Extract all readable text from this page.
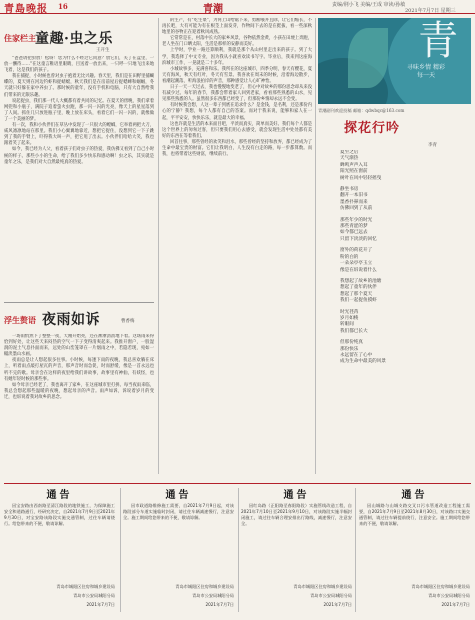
青島晚报 16	青潮	责编/荆小飞 美编/王成 审读/孙敏
2021年7月7日 星期三
住家栏主 童趣·虫之乐
王开生

“爸爸请把虫放！松呀！您为什么不经过它同意？放它们，关了在盒里，一放一酬待……”在这童言稚语里眼睛，目送着一放出来，一只呼一只地飞出来地飞着，这是我们的孩子。

我在捕捉，小时候也曾对虫子抱着无比兴趣。春天里，我们是在田野里捕蝴蝶的，夏天则在河边钓虾和捉蜻蜓，秋天我们是在房前屋后捉蟋蟀和蝈蝈，冬天就只好躲在家中养虫了。那时候的童年，没有手机和电脑，只有大自然给我们带来的无限乐趣。

说起捉虫，我们那一代人大概都有着共同的记忆。在夏天的傍晚，我们拿着网兜和小瓶子，满院子追着萤火虫跑，那一闪一闪的光亮，像天上的星星落到了人间。抓住几只放进瓶子里，晚上放在床头，看着它们一闪一闪的，就像做了一个美丽的梦。

有一次，我和小伙伴们在草丛中发现了一只很大的螳螂，它举着两把大刀，威风凛凛地站在那里。我们小心翼翼地靠近，想把它捉住，没想到它一下子跳到了我的手臂上，吓得我大叫一声，把它甩了出去。小伙伴们哈哈大笑，我也跟着笑了起来。

如今，我已经为人父，看着孩子们对虫子的热爱，我仿佛又看到了自己小时候的样子。那些小小的生命，给了我们多少快乐和感动啊！虫之乐，其实就是童年之乐，是我们对大自然最纯真的热爱。

浮生赘语 夜雨如诉	曹香梅

一场雨悄然下了整整一夜，天刚开始亮，还在淅淅沥沥地下着。这场雨来得恰到好处，让这些天来闷热的空气一下子变得清爽起来。我推开窗户，一股湿润的泥土气息扑面而来，远处的山峦笼罩在一片烟雨之中，若隐若现，宛如一幅淡墨山水画。

夜雨总是让人想起很多往事。小时候，每逢下雨的夜晚，我总喜欢躺在床上，听着雨点敲打屋瓦的声音，那声音时而急促，时而舒缓，像是一首永远也听不完的歌。母亲会在这样的夜里给我们讲故事，故事里有神仙，有妖怪，也有她年轻时候的那些事。

如今母亲已经老了，我也离开了家乡，在这座城市里打拼。每当夜雨来临，我总会想起那些温暖的夜晚，想起母亲的声音。雨声如诉，诉说着岁月的变迁，也诉说着我对故乡的思念。

的生产，有“吃生菜”，为何上山给锯下来，剪断哦并且除，让它们缩长，不再长吧，大有可能为有在根茎上面发芽，作物间下去的是在挺拔，看一些深秋地里的谷物正在迎着秋风成熟。

它常常是在，村落中长大的家乡风景，谷物依然金黄，小孩在田埂上奔跑，老人坐在门口晒太阳，生活是那样的安静而美好。

上学时，学业一路还算顺利，我就是那个从山村里走出来的孩子。到了大学，我选择了中文专业，因为我从小就喜欢读书写字。毕业后，我来到这座海滨城市工作，一晃就是二十多年。

小城故事多，充满喜和乐。我所在的这座城市，四季分明，春天有樱花，夏天有海风，秋天有红叶，冬天有雪景。我喜欢在周末的时候，沿着海边散步，看潮起潮落，听海浪拍岸的声音，那种感觉让人心旷神怡。

日子一天一天过去，我也慢慢地变老了，但心中对故乡的那份思念却从来没有减少过。每年的春节，我都会带着家人回到老家，看看那些熟悉的山水，见见那些熟悉的人。虽然很多东西都已经变了，但那份乡情却永远不会变。

有时候我会想，人这一辈子到底在追求什么？是金钱，是名利，还是那份内心的宁静？我想，每个人都有自己的答案。而对于我来说，能够和家人在一起，平平安安，快快乐乐，就是最大的幸福。

这也许就是生活的本来面目吧，平淡而真实，简单而美好。我们每个人都是这个世界上的匆匆过客，但只要我们用心去感受，就会发现生活中处处都有美好的东西在等着我们。

回首往事，那些曾经的欢笑和泪水，那些曾经的坚持和放弃，都已经成为了生命中最宝贵的财富。它们让我明白，人生没有白走的路，每一步都算数。而我，也将带着这些财富，继续前行。

青
寻味乡情 精彩每一天
青潮副刊欢迎投稿 邮箱：qdwbqc@163.com
探花行吟
李青
夏至之后
天气渐热
蝉鸣声声入耳
阳光照在窗前
树叶在风中轻轻摇曳
静坐书房
翻开一本旧书
墨香扑鼻而来
仿佛回到了从前
那些年少的时光
那些青涩的梦
如今都已远去
只留下淡淡的回忆
窗外的荷花开了
粉的白的
一朵朵亭亭玉立
像是在诉说着什么
我想起了故乡的池塘
想起了童年的伙伴
想起了那个夏天
我们一起捉鱼摸虾
时光荏苒
岁月如梭
转眼间
我们都已长大
但那份纯真
那份快乐
永远留在了心中
成为生命中最美的风景
通告
因宝安路由西南路至清江路段的地铁施工，为保障施工安全和道路通行，经研究决定，自2021年7月9日至2021年9月30日，对宝安路该路段实施交通管制，过往车辆请绕行。给您带来的不便，敬请谅解。
青岛市城阳区住房和城乡建设局
青岛市公安局城阳分局
2021年7月7日
通告
因市政道路维修施工需要，自2021年7月9日起，对该路段部分车道实施临时封闭，请过往车辆减速慢行，注意安全。施工期间给您带来的不便，敬请谅解。
青岛市城阳区住房和城乡建设局
青岛市公安局城阳分局
2021年7月7日
通告
因红岛路（正阳路至春阳路段）实施管线改造工程，自2021年7月10日至2021年9月10日，对该路段实施半幅封闭施工，请过往车辆合理安排出行路线，减速慢行，注意安全。
青岛市城阳区住房和城乡建设局
青岛市公安局城阳分局
2021年7月7日
通告
因山城路与山城支路交叉口污水管道改造工程施工需要，自2021年7月9日至2021年8月30日，对该路口实施交通管制，请过往车辆提前绕行，注意安全。施工期间给您带来的不便，敬请谅解。
青岛市城阳区住房和城乡建设局
青岛市公安局城阳分局
2021年7月7日
